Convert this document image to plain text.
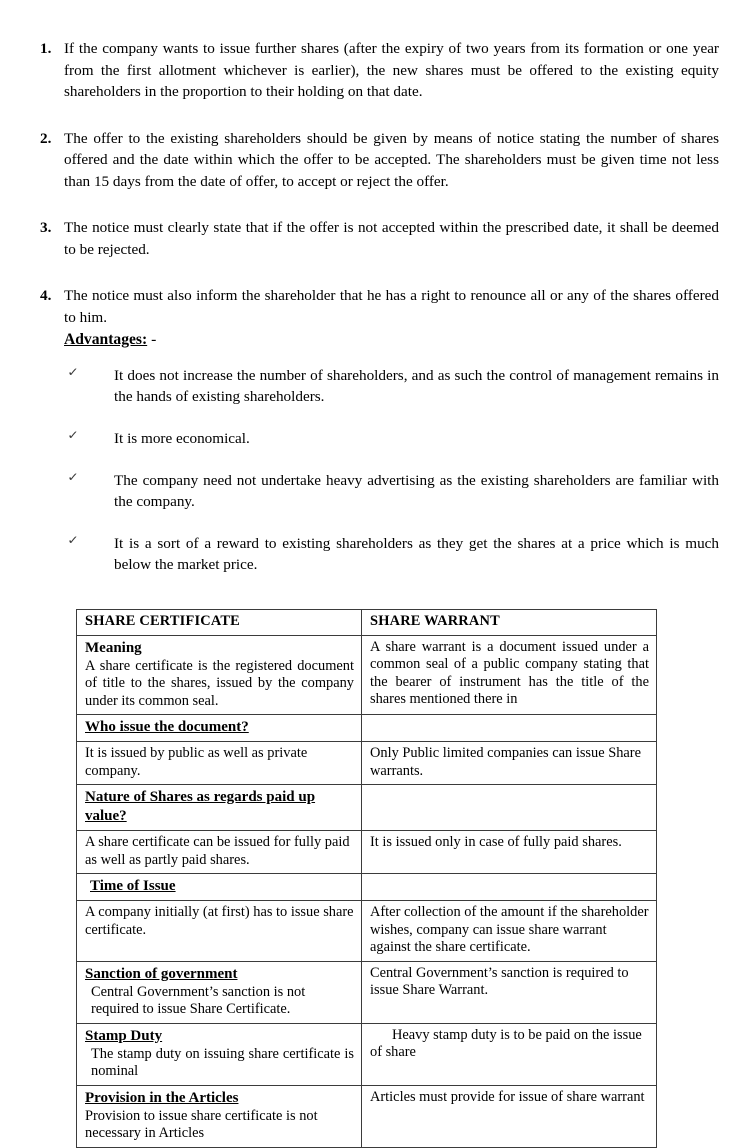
1. If the company wants to issue further shares (after the expiry of two years from its formation or one year from the first allotment whichever is earlier), the new shares must be offered to the existing equity shareholders in the proportion to their holding on that date.
2. The offer to the existing shareholders should be given by means of notice stating the number of shares offered and the date within which the offer to be accepted. The shareholders must be given time not less than 15 days from the date of offer, to accept or reject the offer.
3. The notice must clearly state that if the offer is not accepted within the prescribed date, it shall be deemed to be rejected.
4. The notice must also inform the shareholder that he has a right to renounce all or any of the shares offered to him.
Advantages: -
✓ It does not increase the number of shareholders, and as such the control of management remains in the hands of existing shareholders.
✓ It is more economical.
✓ The company need not undertake heavy advertising as the existing shareholders are familiar with the company.
✓ It is a sort of a reward to existing shareholders as they get the shares at a price which is much below the market price.
SHARE CERTIFICATE	SHARE WARRANT

Meaning
A share certificate is the registered document of title to the shares, issued by the company under its common seal.	A share warrant is a document issued under a common seal of a public company stating that the bearer of instrument has the title of the shares mentioned there in

Who issue the document?	

It is issued by public as well as private company.	Only Public limited companies can issue Share warrants.

Nature of Shares as regards paid up value?	

A share certificate can be issued for fully paid as well as partly paid shares.	It is issued only in case of fully paid shares.

Time of Issue	

A company initially (at first) has to issue share certificate.	After collection of the amount if the shareholder wishes, company can issue share warrant against the share certificate.

Sanction of government
Central Government’s sanction is not required to issue Share Certificate.	Central Government’s sanction is required to issue Share Warrant.

Stamp Duty
The stamp duty on issuing share certificate is nominal	Heavy stamp duty is to be paid on the issue of share

Provision in the Articles
Provision to issue share certificate is not necessary in Articles	Articles must provide for issue of share warrant
